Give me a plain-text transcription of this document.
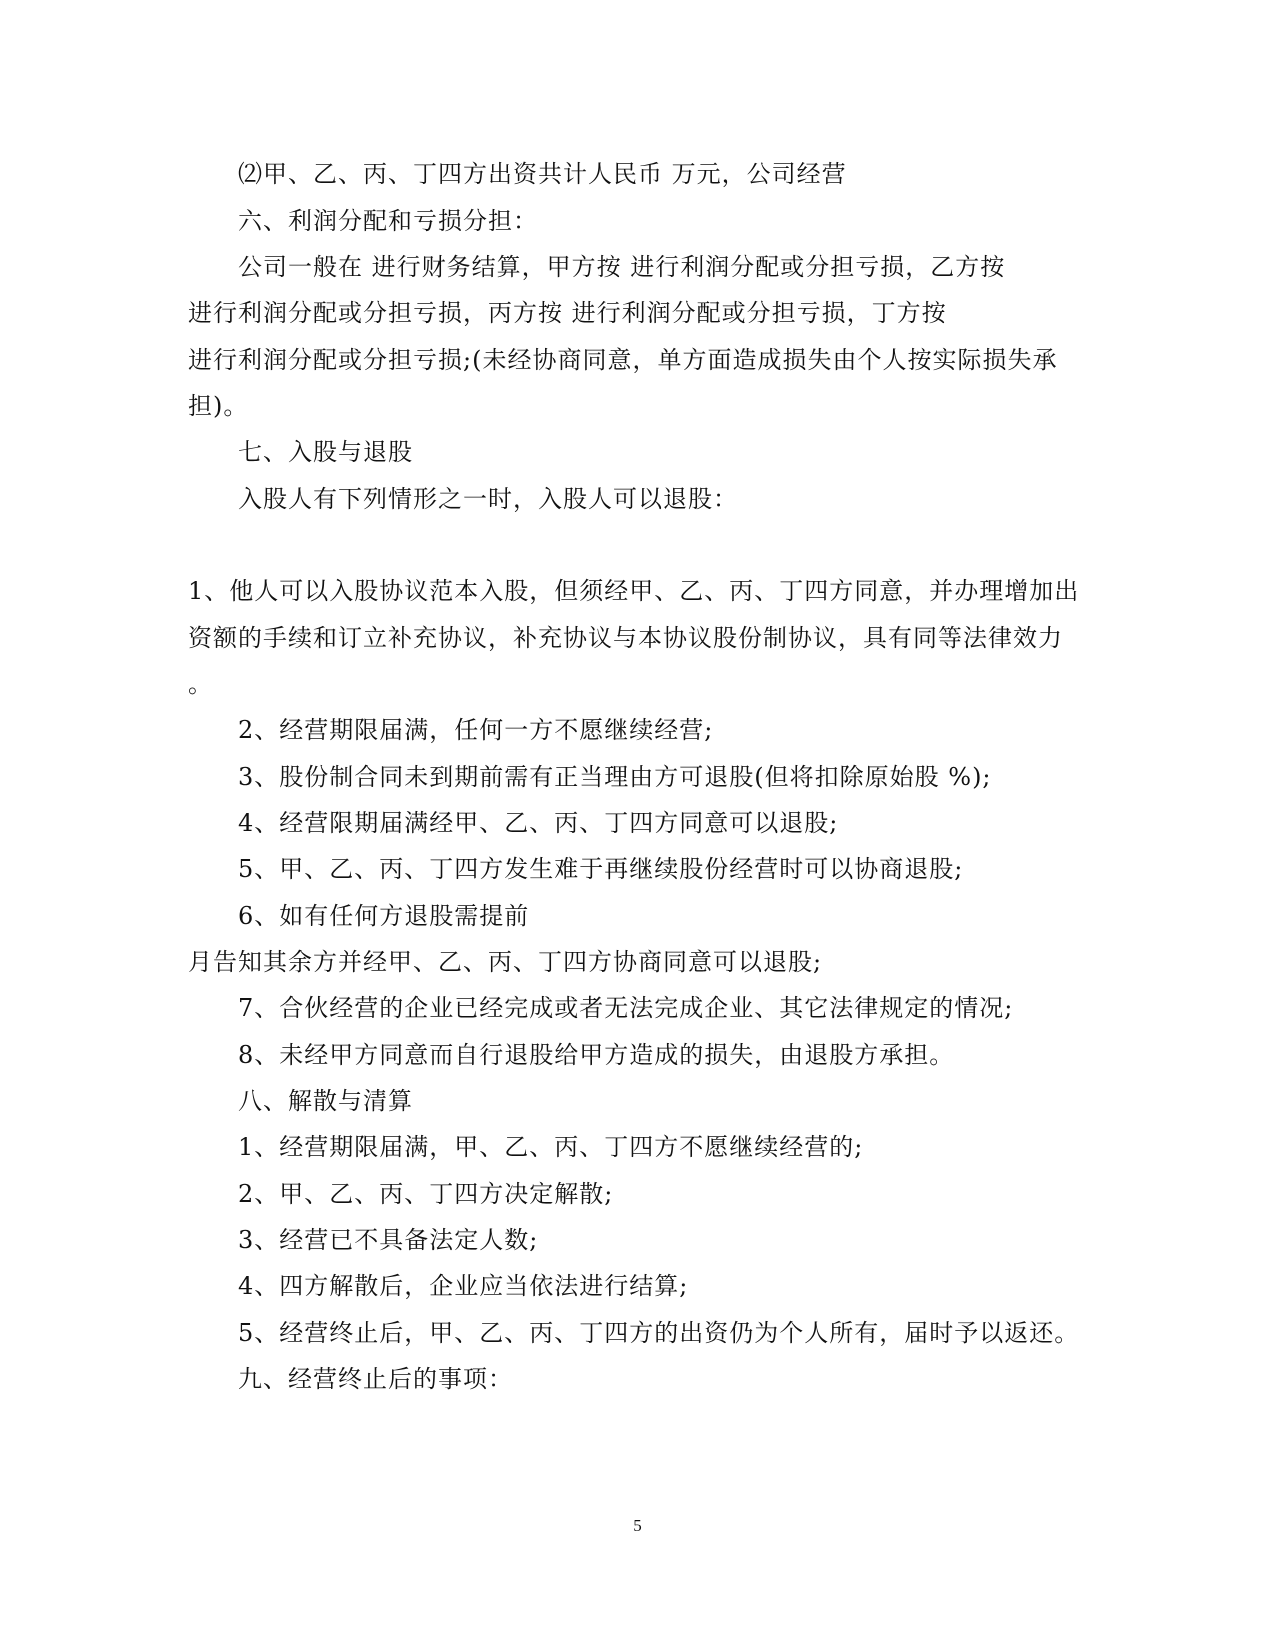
⑵甲、乙、丙、丁四方出资共计人民币 万元，公司经营
六、利润分配和亏损分担：
公司一般在 进行财务结算，甲方按 进行利润分配或分担亏损，乙方按
进行利润分配或分担亏损，丙方按 进行利润分配或分担亏损，丁方按
进行利润分配或分担亏损;(未经协商同意，单方面造成损失由个人按实际损失承
担)。
七、入股与退股
入股人有下列情形之一时，入股人可以退股：
1、他人可以入股协议范本入股，但须经甲、乙、丙、丁四方同意，并办理增加出
资额的手续和订立补充协议，补充协议与本协议股份制协议，具有同等法律效力
。
2、经营期限届满，任何一方不愿继续经营;
3、股份制合同未到期前需有正当理由方可退股(但将扣除原始股 %);
4、经营限期届满经甲、乙、丙、丁四方同意可以退股;
5、甲、乙、丙、丁四方发生难于再继续股份经营时可以协商退股;
6、如有任何方退股需提前
月告知其余方并经甲、乙、丙、丁四方协商同意可以退股;
7、合伙经营的企业已经完成或者无法完成企业、其它法律规定的情况;
8、未经甲方同意而自行退股给甲方造成的损失，由退股方承担。
八、解散与清算
1、经营期限届满，甲、乙、丙、丁四方不愿继续经营的;
2、甲、乙、丙、丁四方决定解散;
3、经营已不具备法定人数;
4、四方解散后，企业应当依法进行结算;
5、经营终止后，甲、乙、丙、丁四方的出资仍为个人所有，届时予以返还。
九、经营终止后的事项：
5
